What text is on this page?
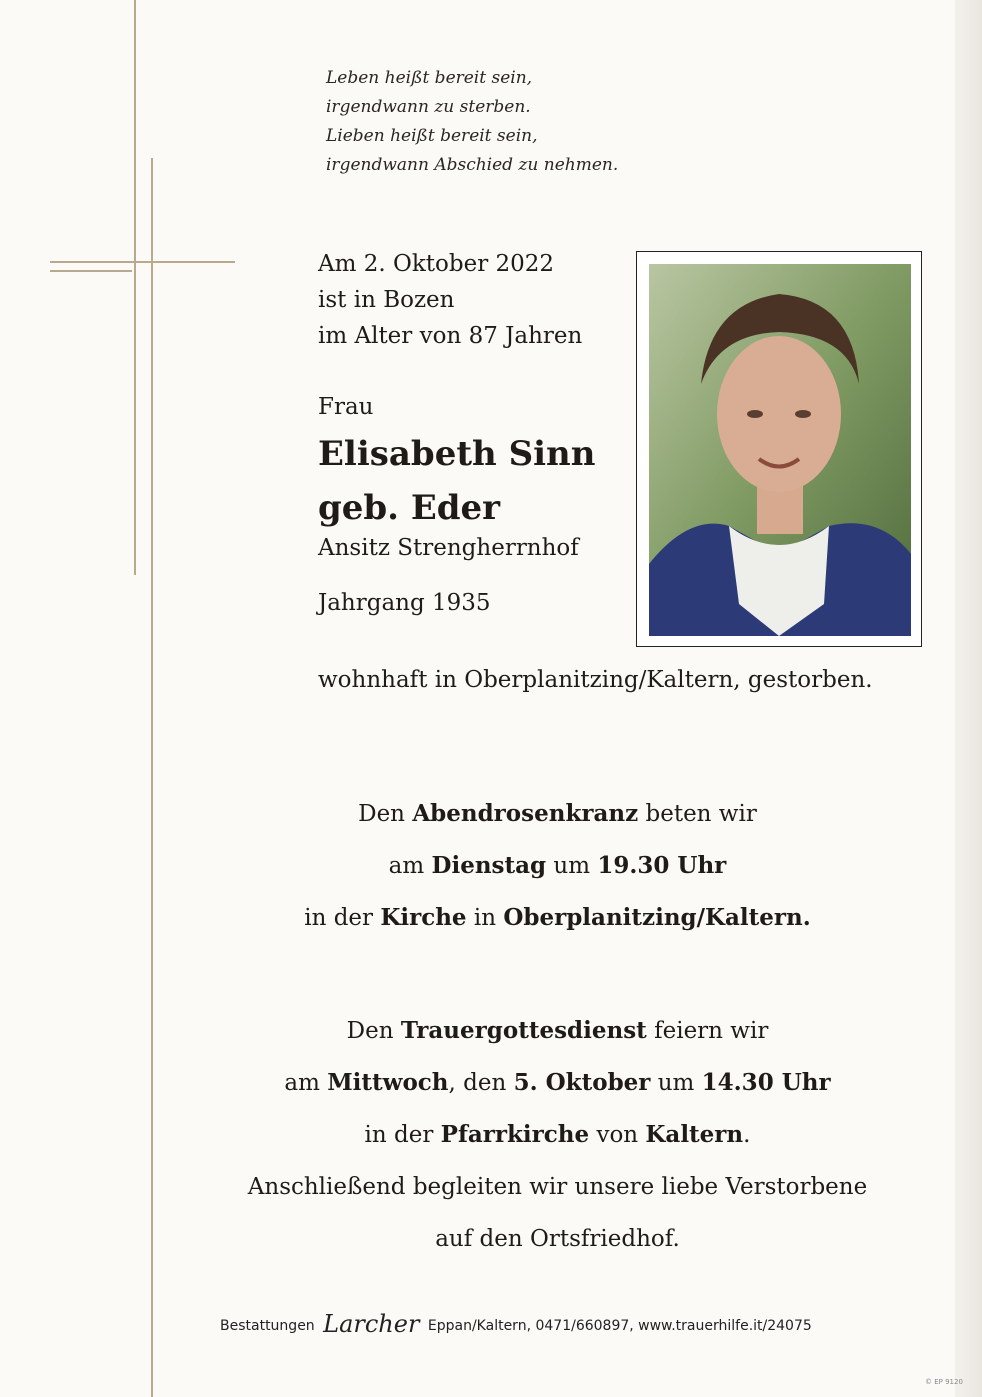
Leben heißt bereit sein,
irgendwann zu sterben.
Lieben heißt bereit sein,
irgendwann Abschied zu nehmen.
Am 2. Oktober 2022
ist in Bozen
im Alter von 87 Jahren
Frau
Elisabeth Sinn
geb. Eder
Ansitz Strengherrnhof
Jahrgang 1935
wohnhaft in Oberplanitzing/Kaltern, gestorben.
Den Abendrosenkranz beten wir
am Dienstag um 19.30 Uhr
in der Kirche in Oberplanitzing/Kaltern.
Den Trauergottesdienst feiern wir
am Mittwoch, den 5. Oktober um 14.30 Uhr
in der Pfarrkirche von Kaltern.
Anschließend begleiten wir unsere liebe Verstorbene
auf den Ortsfriedhof.
Bestattungen Larcher Eppan/Kaltern, 0471/660897, www.trauerhilfe.it/24075
© EP 9120
